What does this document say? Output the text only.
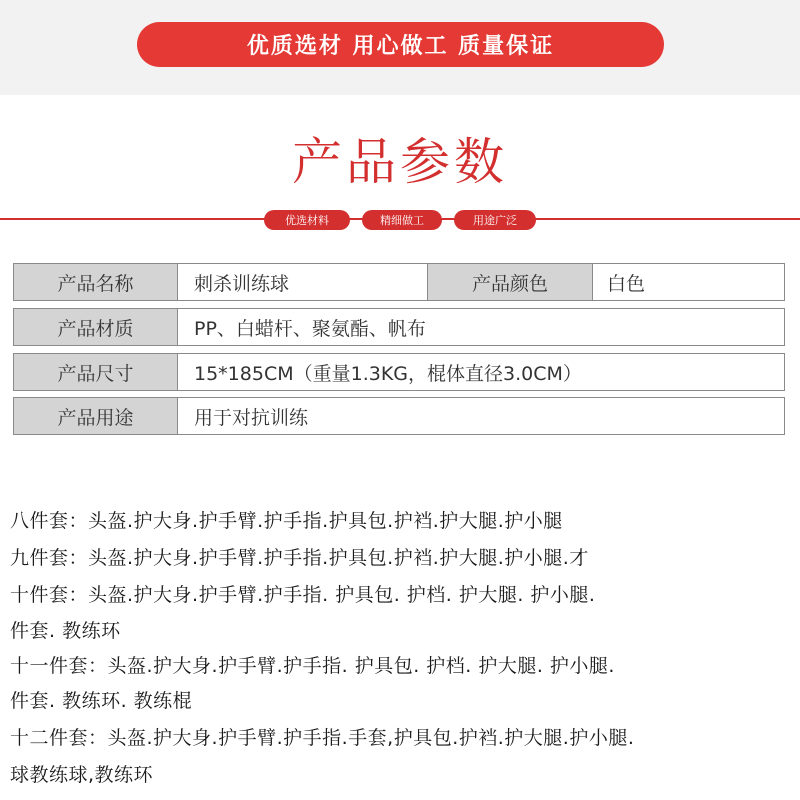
优质选材 用心做工 质量保证
产品参数
优选材料	精细做工	用途广泛
产品名称	刺杀训练球	产品颜色	白色
产品材质	PP、白蜡杆、聚氨酯、帆布
产品尺寸	15*185CM（重量1.3KG，棍体直径3.0CM）
产品用途	用于对抗训练
八件套：头盔.护大身.护手臂.护手指.护具包.护裆.护大腿.护小腿
九件套：头盔.护大身.护手臂.护手指.护具包.护裆.护大腿.护小腿.才
十件套：头盔.护大身.护手臂.护手指. 护具包. 护档. 护大腿. 护小腿.
件套. 教练环
十一件套：头盔.护大身.护手臂.护手指. 护具包. 护档. 护大腿. 护小腿.
件套. 教练环. 教练棍
十二件套：头盔.护大身.护手臂.护手指.手套,护具包.护裆.护大腿.护小腿.
球教练球,教练环
